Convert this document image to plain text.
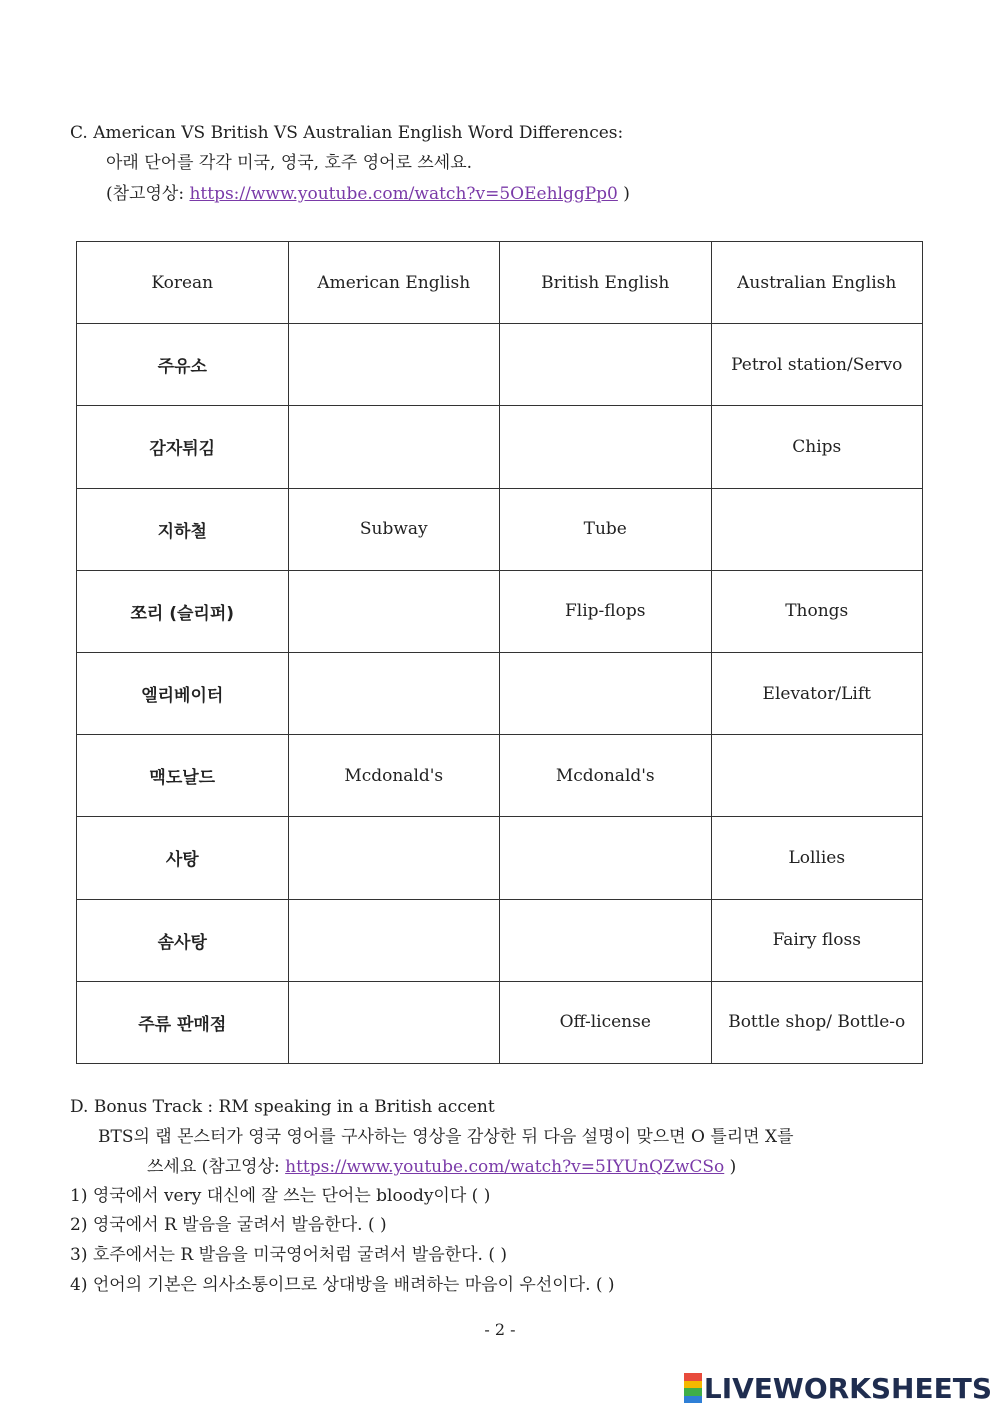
C. American VS British VS Australian English Word Differences:
아래 단어를 각각 미국, 영국, 호주 영어로 쓰세요.
(참고영상: https://www.youtube.com/watch?v=5OEehlggPp0 )
Korean	American English	British English	Australian English
주유소			Petrol station/Servo
감자튀김			Chips
지하철	Subway	Tube	
쪼리 (슬리퍼)		Flip-flops	Thongs
엘리베이터			Elevator/Lift
맥도날드	Mcdonald's	Mcdonald's	
사탕			Lollies
솜사탕			Fairy floss
주류 판매점		Off-license	Bottle shop/ Bottle-o
D. Bonus Track : RM speaking in a British accent
BTS의 랩 몬스터가 영국 영어를 구사하는 영상을 감상한 뒤 다음 설명이 맞으면 O 틀리면 X를
쓰세요 (참고영상: https://www.youtube.com/watch?v=5IYUnQZwCSo )
1) 영국에서 very 대신에 잘 쓰는 단어는 bloody이다 ( )
2) 영국에서 R 발음을 굴려서 발음한다. ( )
3) 호주에서는 R 발음을 미국영어처럼 굴려서 발음한다. ( )
4) 언어의 기본은 의사소통이므로 상대방을 배려하는 마음이 우선이다. ( )
- 2 -
LIVEWORKSHEETS
